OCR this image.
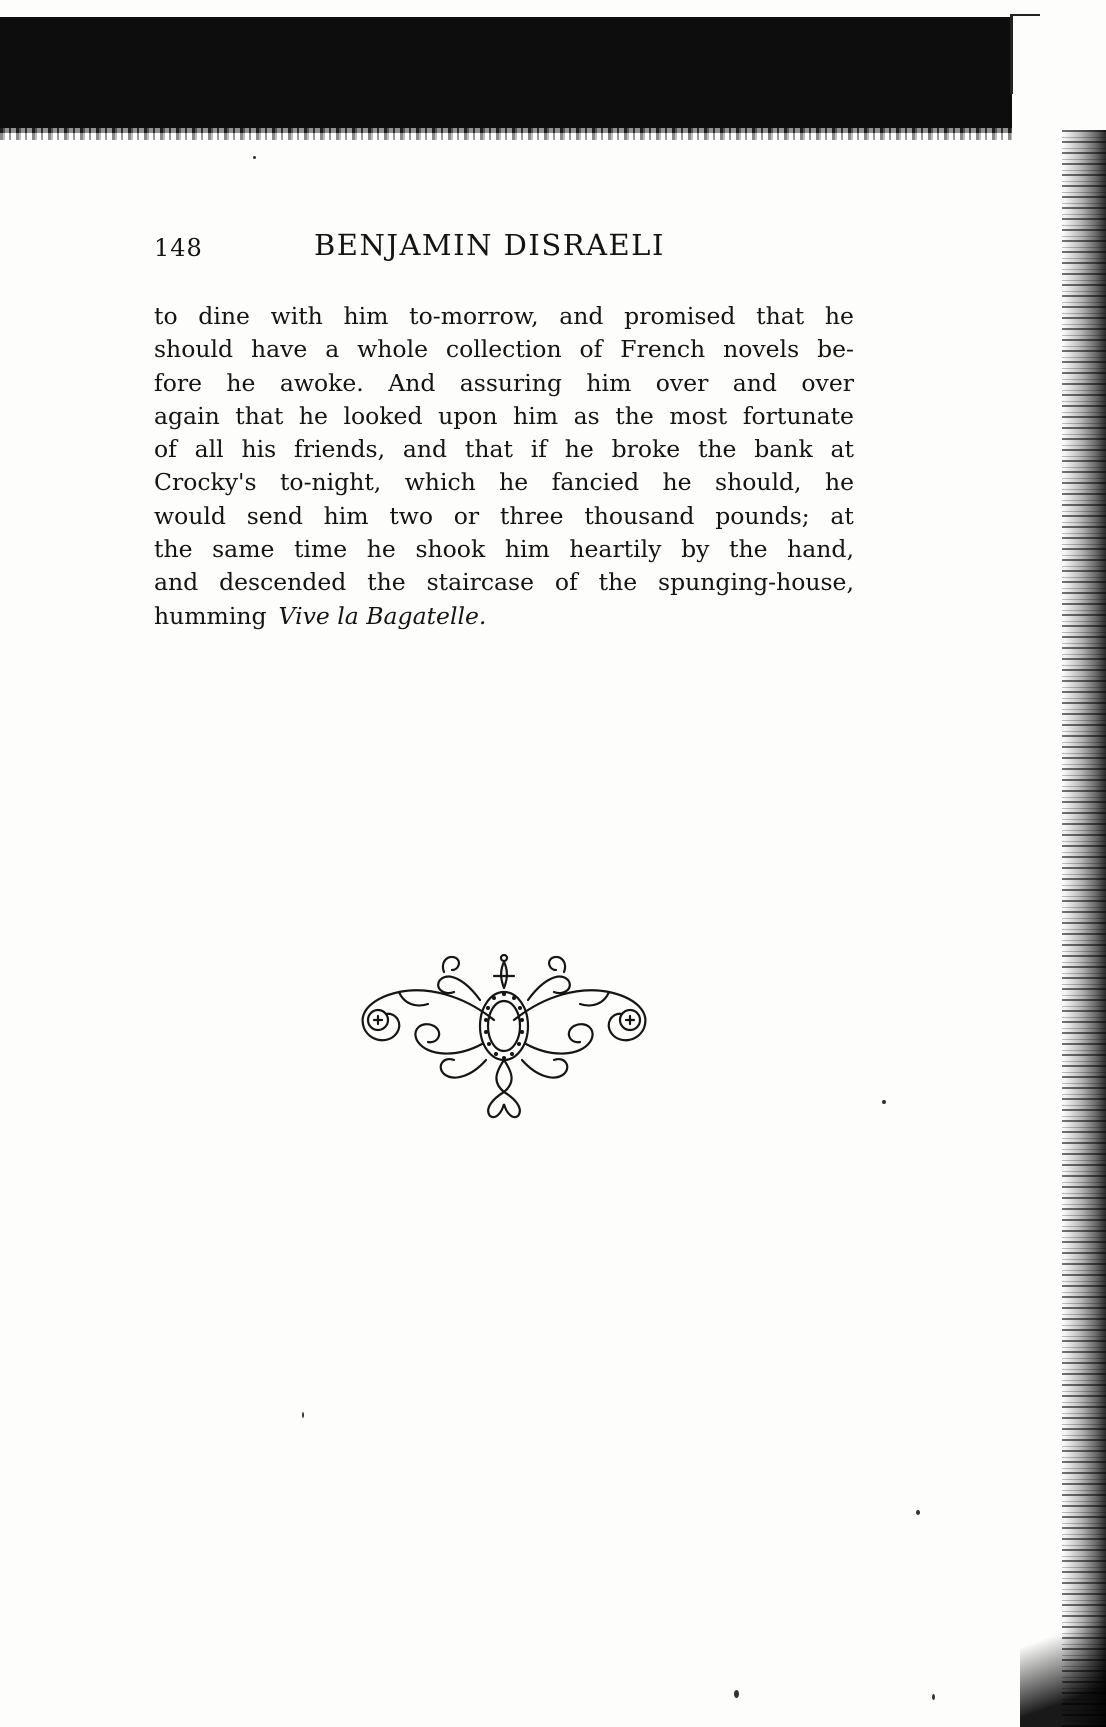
148	BENJAMIN DISRAELI
to dine with him to-morrow, and promised that he
should have a whole collection of French novels be-
fore he awoke. And assuring him over and over
again that he looked upon him as the most fortunate
of all his friends, and that if he broke the bank at
Crocky's to-night, which he fancied he should, he
would send him two or three thousand pounds; at
the same time he shook him heartily by the hand,
and descended the staircase of the spunging-house,
humming Vive la Bagatelle.
